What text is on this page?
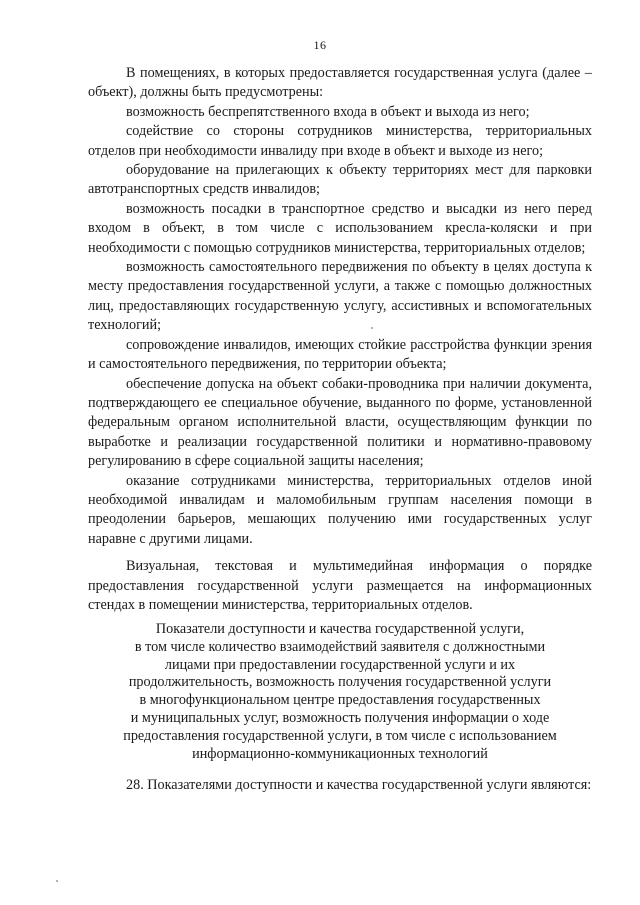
16

В помещениях, в которых предоставляется государственная услуга (далее – объект), должны быть предусмотрены:

возможность беспрепятственного входа в объект и выхода из него;

содействие со стороны сотрудников министерства, территориальных отделов при необходимости инвалиду при входе в объект и выходе из него;

оборудование на прилегающих к объекту территориях мест для парковки автотранспортных средств инвалидов;

возможность посадки в транспортное средство и высадки из него перед входом в объект, в том числе с использованием кресла-коляски и при необходимости с помощью сотрудников министерства, территориальных отделов;

возможность самостоятельного передвижения по объекту в целях доступа к месту предоставления государственной услуги, а также с помощью должностных лиц, предоставляющих государственную услугу, ассистивных и вспомогательных технологий;

сопровождение инвалидов, имеющих стойкие расстройства функции зрения и самостоятельного передвижения, по территории объекта;

обеспечение допуска на объект собаки-проводника при наличии документа, подтверждающего ее специальное обучение, выданного по форме, установленной федеральным органом исполнительной власти, осуществляющим функции по выработке и реализации государственной политики и нормативно-правовому регулированию в сфере социальной защиты населения;

оказание сотрудниками министерства, территориальных отделов иной необходимой инвалидам и маломобильным группам населения помощи в преодолении барьеров, мешающих получению ими государственных услуг наравне с другими лицами.

Визуальная, текстовая и мультимедийная информация о порядке предоставления государственной услуги размещается на информационных стендах в помещении министерства, территориальных отделов.

Показатели доступности и качества государственной услуги,
в том числе количество взаимодействий заявителя с должностными
лицами при предоставлении государственной услуги и их
продолжительность, возможность получения государственной услуги
в многофункциональном центре предоставления государственных
и муниципальных услуг, возможность получения информации о ходе
предоставления государственной услуги, в том числе с использованием
информационно-коммуникационных технологий

28. Показателями доступности и качества государственной услуги являются:
